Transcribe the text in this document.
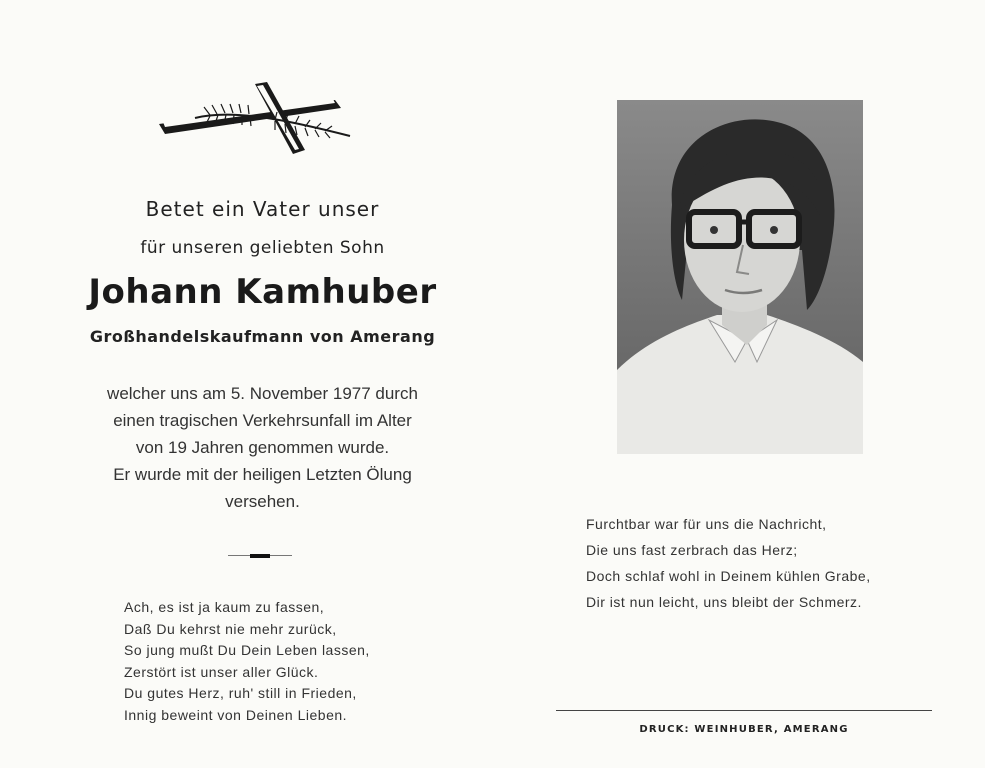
Betet ein Vater unser
für unseren geliebten Sohn
Johann Kamhuber
Großhandelskaufmann von Amerang
welcher uns am 5. November 1977 durch
einen tragischen Verkehrsunfall im Alter
von 19 Jahren genommen wurde.
Er wurde mit der heiligen Letzten Ölung
versehen.
Ach, es ist ja kaum zu fassen,
Daß Du kehrst nie mehr zurück,
So jung mußt Du Dein Leben lassen,
Zerstört ist unser aller Glück.
Du gutes Herz, ruh' still in Frieden,
Innig beweint von Deinen Lieben.
Furchtbar war für uns die Nachricht,
Die uns fast zerbrach das Herz;
Doch schlaf wohl in Deinem kühlen Grabe,
Dir ist nun leicht, uns bleibt der Schmerz.
DRUCK: WEINHUBER, AMERANG
